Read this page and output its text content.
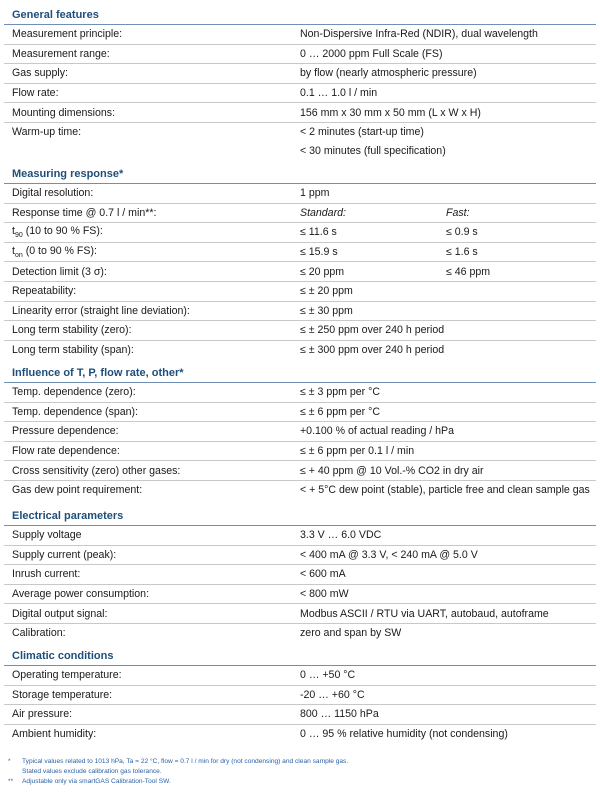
General features
Measurement principle:	Non-Dispersive Infra-Red (NDIR), dual wavelength
Measurement range:	0 … 2000 ppm Full Scale (FS)
Gas supply:	by flow (nearly atmospheric pressure)
Flow rate:	0.1 … 1.0 l / min
Mounting dimensions:	156 mm x 30 mm x 50 mm (L x W x H)
Warm-up time:	< 2 minutes (start-up time)
< 30 minutes (full specification)
Measuring response*
Digital resolution:	1 ppm
Response time @ 0.7 l / min**:	Standard:	Fast:
$t_{90}$ (10 to 90 % FS):	≤ 11.6 s	≤ 0.9 s
$t_{on}$ (0 to 90 % FS):	≤ 15.9 s	≤ 1.6 s
Detection limit (3 σ):	≤ 20 ppm	≤ 46 ppm
Repeatability:	≤ ± 20 ppm
Linearity error (straight line deviation):	≤ ± 30 ppm
Long term stability (zero):	≤ ± 250 ppm over 240 h period
Long term stability (span):	≤ ± 300 ppm over 240 h period
Influence of T, P, flow rate, other*
Temp. dependence (zero):	≤ ± 3 ppm per °C
Temp. dependence (span):	≤ ± 6 ppm per °C
Pressure dependence:	+0.100 % of actual reading / hPa
Flow rate dependence:	≤ ± 6 ppm per 0.1 l / min
Cross sensitivity (zero) other gases:	≤ + 40 ppm @ 10 Vol.-% CO2 in dry air
Gas dew point requirement:	< + 5°C dew point (stable), particle free and clean sample gas
Electrical parameters
Supply voltage	3.3 V … 6.0 VDC
Supply current (peak):	< 400 mA @ 3.3 V, < 240 mA @ 5.0 V
Inrush current:	< 600 mA
Average power consumption:	< 800 mW
Digital output signal:	Modbus ASCII / RTU via UART, autobaud, autoframe
Calibration:	zero and span by SW
Climatic conditions
Operating temperature:	0 … +50 °C
Storage temperature:	-20 … +60 °C
Air pressure:	800 … 1150 hPa
Ambient humidity:	0 … 95 % relative humidity (not condensing)
*	Typical values related to 1013 hPa, Ta = 22 °C, flow = 0.7 l / min for dry (not condensing) and clean sample gas.
Stated values exclude calibration gas tolerance.
**	Adjustable only via smartGAS Calibration-Tool SW.
